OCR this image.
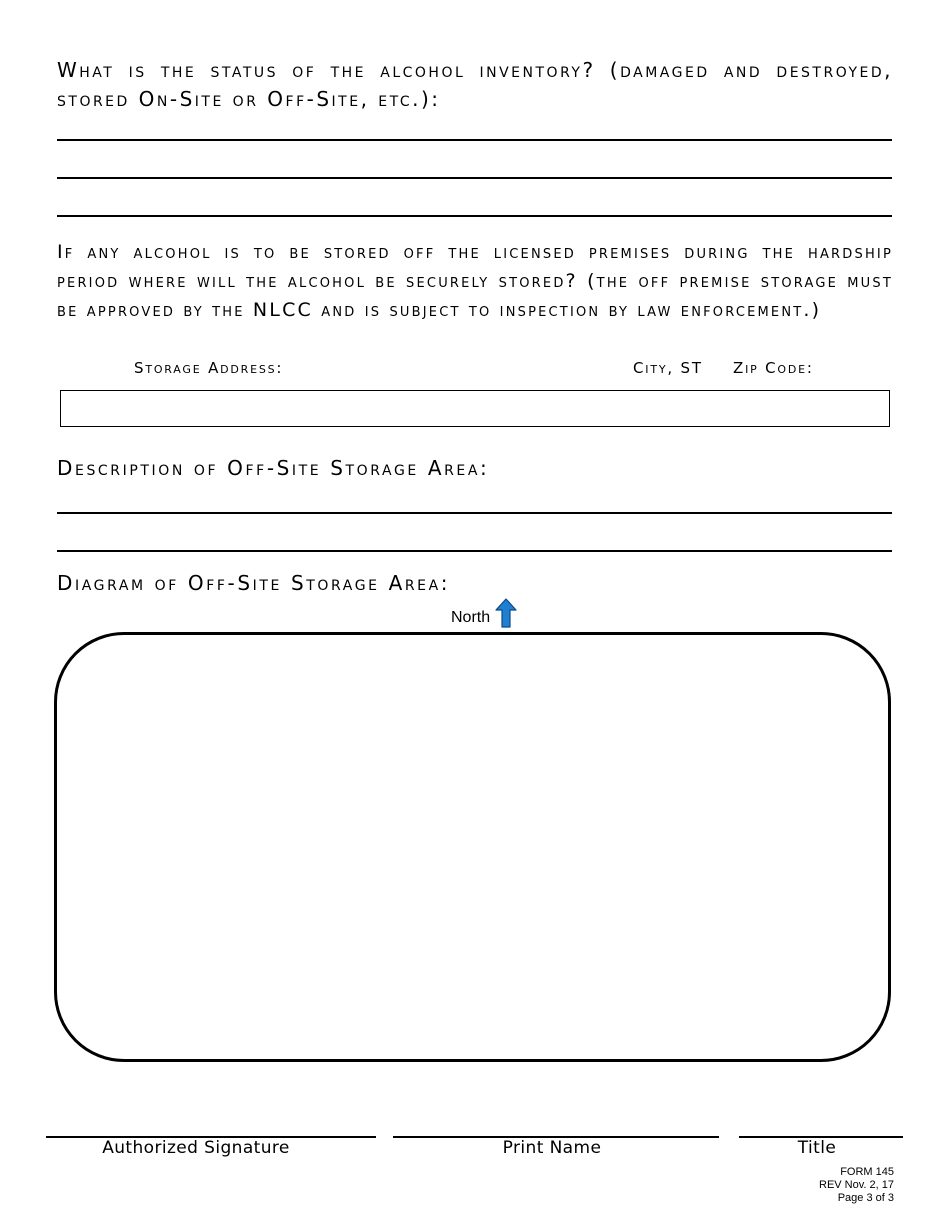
What is the status of the alcohol inventory? (damaged and destroyed, stored On-Site or Off-Site, etc.):
If any alcohol is to be stored off the licensed premises during the hardship period where will the alcohol be securely stored? (the off premise storage must be approved by the NLCC and is subject to inspection by law enforcement.)
Storage Address:	City, ST Zip Code:
Description of Off-Site Storage Area:
Diagram of Off-Site Storage Area:
North
Authorized Signature	Print Name	Title
FORM 145
REV Nov. 2, 17
Page 3 of 3
